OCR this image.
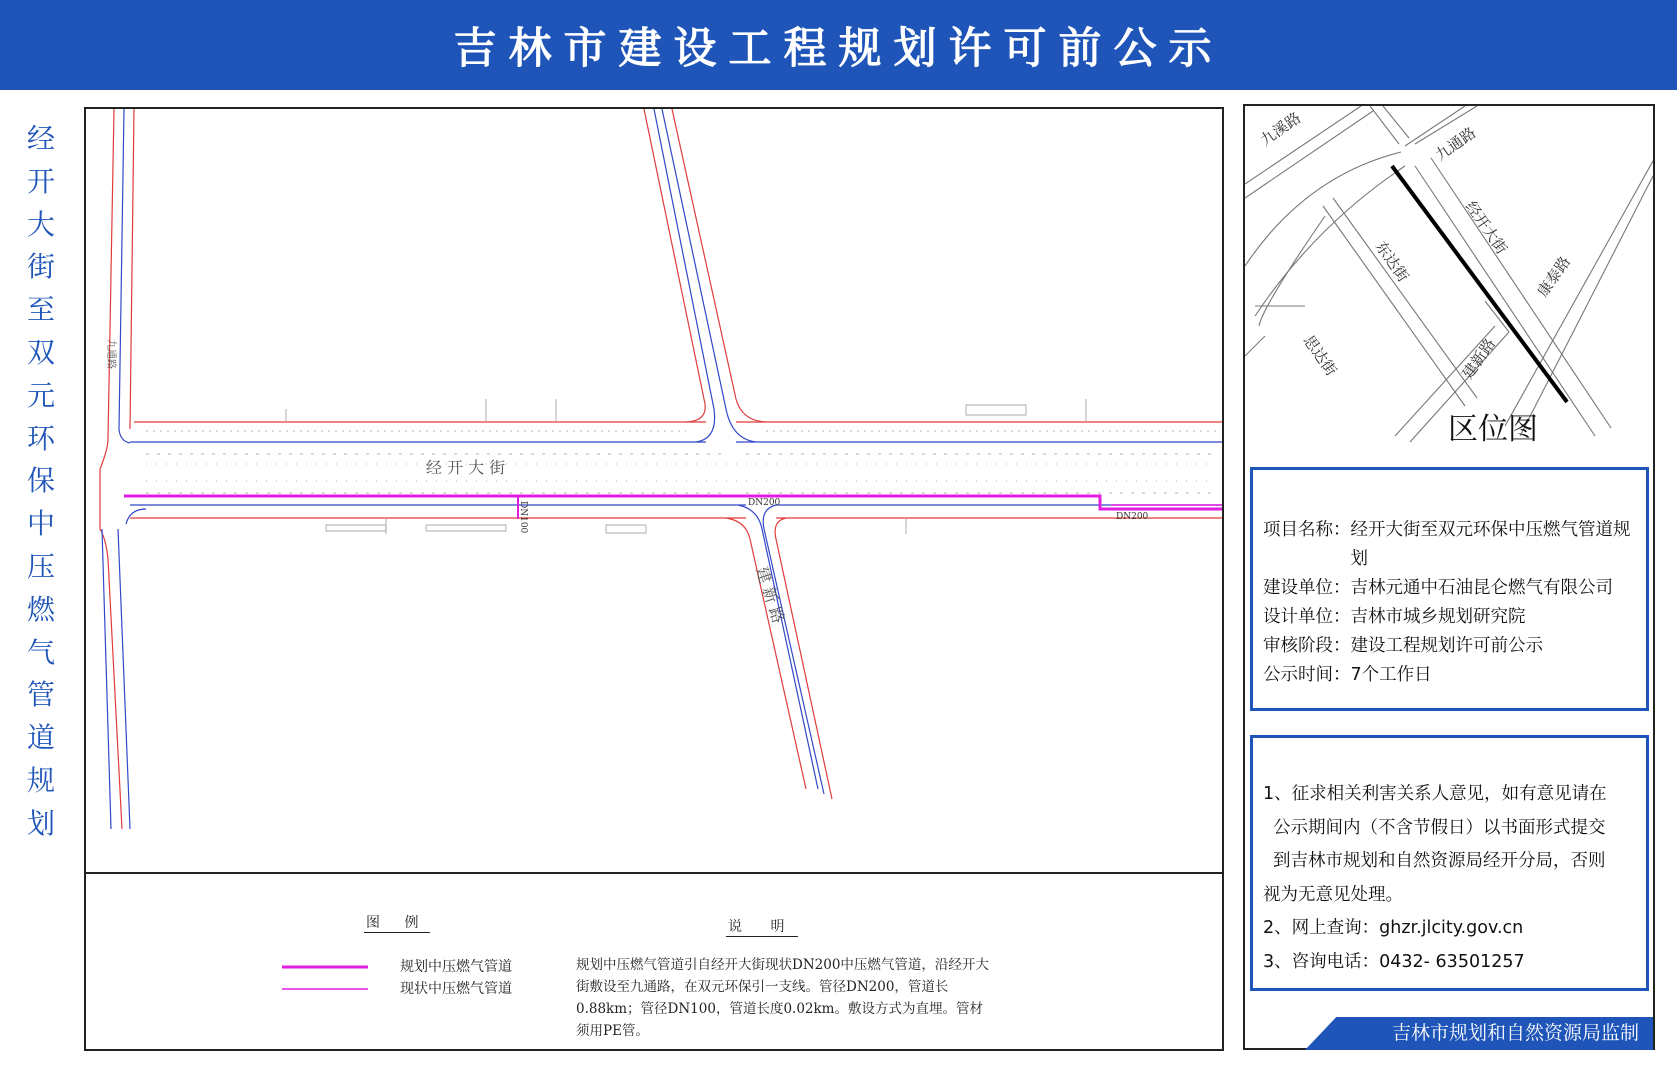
吉林市建设工程规划许可前公示
经
开
大
街
至
双
元
环
保
中
压
燃
气
管
道
规
划
经 开 大 街
九通路
建 新 路
DN200
DN200
DN100
图 例
规划中压燃气管道
现状中压燃气管道
说 明
规划中压燃气管道引自经开大街现状DN200中压燃气管道，沿经开大街敷设至九通路，在双元环保引一支线。管径DN200，管道长0.88km；管径DN100，管道长度0.02km。敷设方式为直埋。管材须用PE管。
九溪路	九通路
经开大街
康泰路
东达街
思达街	建新路
区位图
公示信息：
项目名称： 经开大街至双元环保中压燃气管道规划
建设单位： 吉林元通中石油昆仑燃气有限公司
设计单位： 吉林市城乡规划研究院
审核阶段： 建设工程规划许可前公示
公示时间： 7个工作日
意见反馈：
1、征求相关利害关系人意见，如有意见请在
公示期间内（不含节假日）以书面形式提交
到吉林市规划和自然资源局经开分局，否则
视为无意见处理。
2、网上查询：ghzr.jlcity.gov.cn
3、咨询电话：0432- 63501257
吉林市规划和自然资源局监制
